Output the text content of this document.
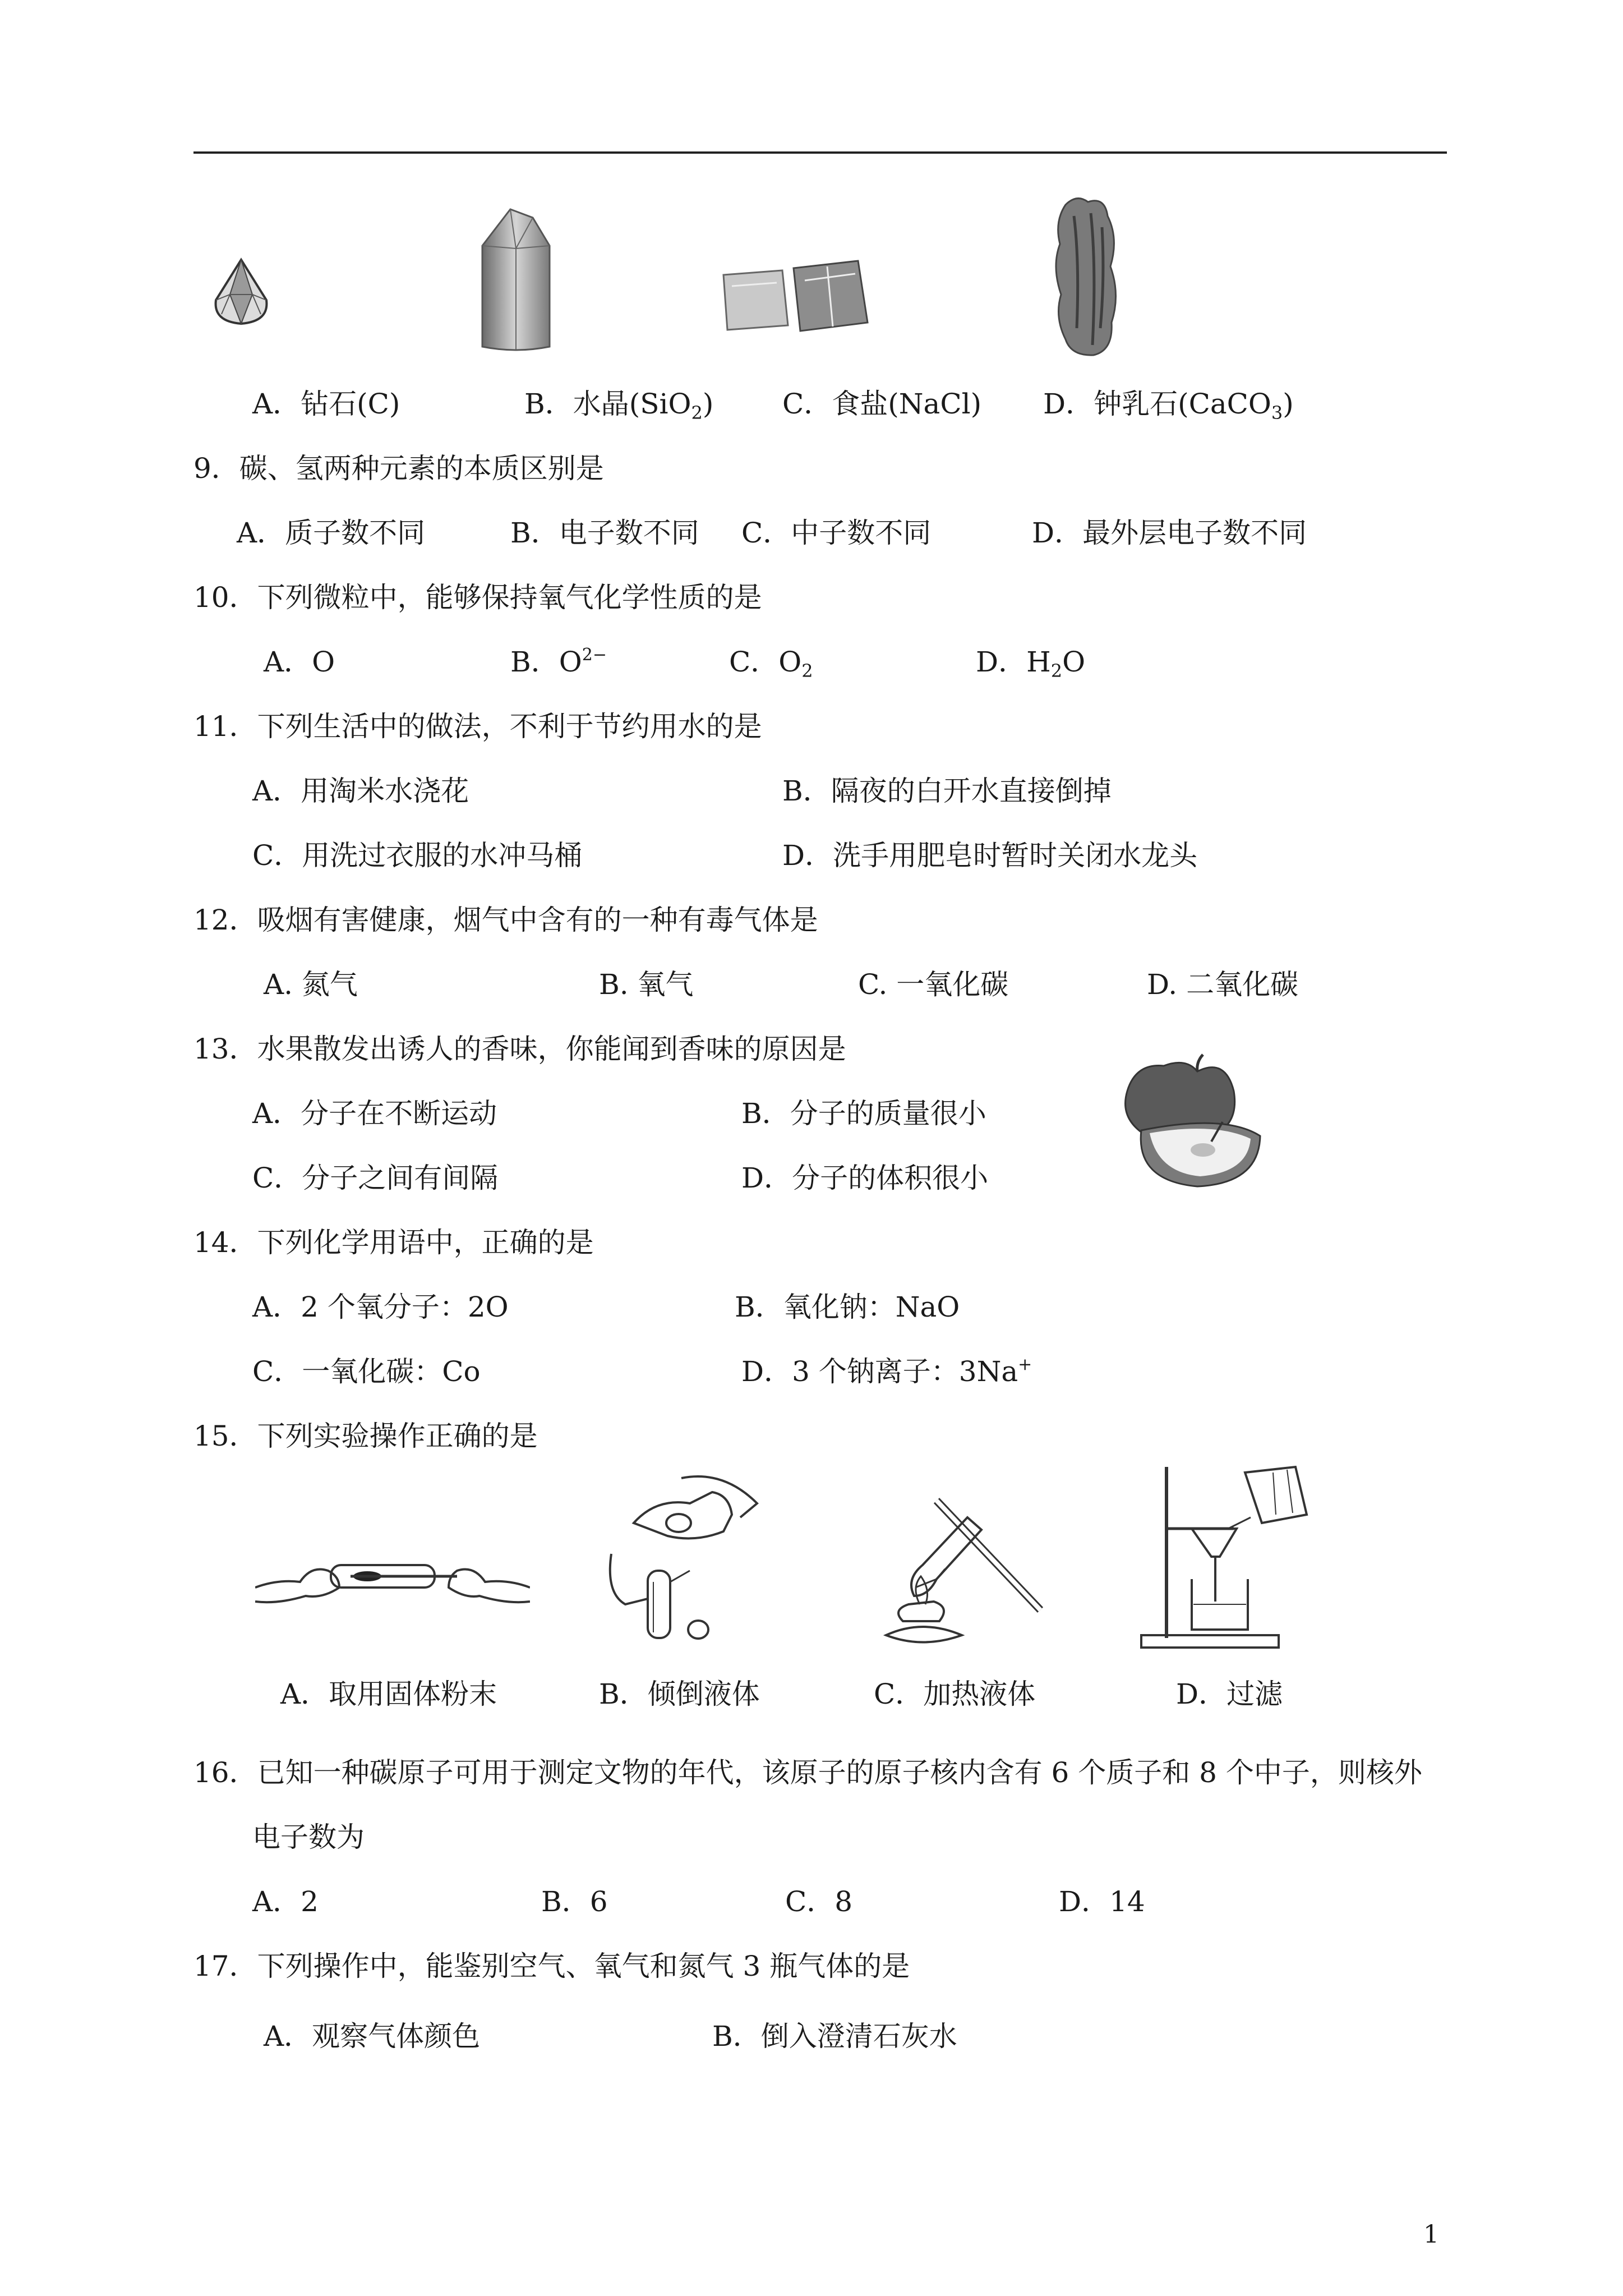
A．钻石(C)	B．水晶(SiO$_2$) C．食盐(NaCl) D．钟乳石(CaCO$_3$)
9．碳、氢两种元素的本质区别是
A．质子数不同	B．电子数不同 C．中子数不同	D．最外层电子数不同
10．下列微粒中，能够保持氧气化学性质的是
A．O	B．$O^{2-}$	C．$O_2$	D．$H_2O$
11．下列生活中的做法，不利于节约用水的是
A．用淘米水浇花	B．隔夜的白开水直接倒掉
C．用洗过衣服的水冲马桶	D．洗手用肥皂时暂时关闭水龙头
12．吸烟有害健康，烟气中含有的一种有毒气体是
A. 氮气	B. 氧气	C. 一氧化碳	D. 二氧化碳
13．水果散发出诱人的香味，你能闻到香味的原因是
A．分子在不断运动	B．分子的质量很小
C．分子之间有间隔	D．分子的体积很小
14．下列化学用语中，正确的是
A．2 个氧分子：2O	B．氧化钠：NaO
C．一氧化碳：Co	D．3 个钠离子：3Na+
15．下列实验操作正确的是
A．取用固体粉末	B．倾倒液体	C．加热液体	D．过滤
16．已知一种碳原子可用于测定文物的年代，该原子的原子核内含有 6 个质子和 8 个中子，则核外
电子数为
A．2	B．6	C．8	D．14
17．下列操作中，能鉴别空气、氧气和氮气 3 瓶气体的是
A．观察气体颜色	B．倒入澄清石灰水
1
